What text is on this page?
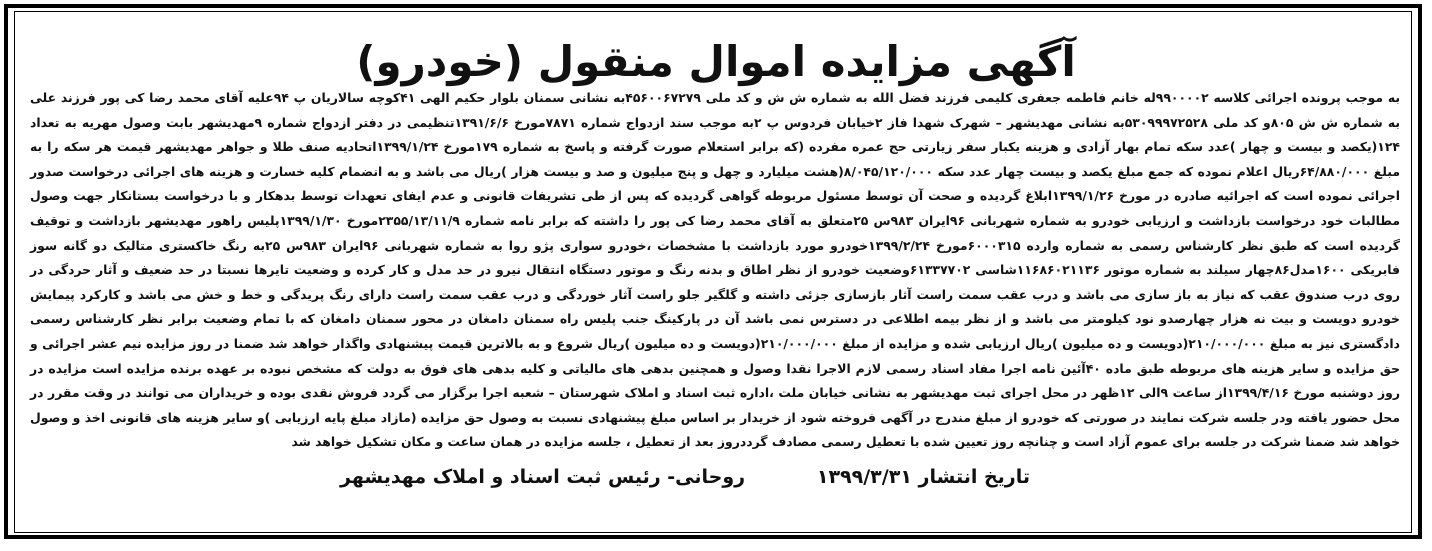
آگهی مزایده اموال منقول (خودرو)
به موجب پرونده اجرائی کلاسه ۹۹۰۰۰۰۲له خانم فاطمه جعفری کلیمی فرزند فضل الله به شماره ش ش و کد ملی ۴۵۶۰۰۶۷۲۷۹به نشانی سمنان بلوار حکیم الهی ۴۱کوچه سالاریان پ ۹۴علیه آقای محمد رضا کی پور فرزند علی به شماره ش ش ۸۰۵و کد ملی ۵۳۰۹۹۹۷۲۵۲۸به نشانی مهدیشهر – شهرک شهدا فاز ۲خیابان فردوس پ ۲به موجب سند ازدواج شماره ۷۸۷۱مورخ ۱۳۹۱/۶/۶تنظیمی در دفتر ازدواج شماره ۹مهدیشهر بابت وصول مهریه به تعداد ۱۲۴(یکصد و بیست و چهار )عدد سکه تمام بهار آزادی و هزینه یکبار سفر زیارتی حج عمره مفرده (که برابر استعلام صورت گرفته و پاسخ به شماره ۱۷۹مورخ ۱۳۹۹/۱/۲۴اتحادیه صنف طلا و جواهر مهدیشهر قیمت هر سکه را به مبلغ ۶۴/۸۸۰/۰۰۰ریال اعلام نموده که جمع مبلغ یکصد و بیست چهار عدد سکه ۸/۰۴۵/۱۲۰/۰۰۰(هشت میلیارد و چهل و پنج میلیون و صد و بیست هزار )ریال می باشد و به انضمام کلیه خسارت و هزینه های اجرائی درخواست صدور اجرائی نموده است که اجرائیه صادره در مورخ ۱۳۹۹/۱/۲۶ابلاغ گردیده و صحت آن توسط مسئول مربوطه گواهی گردیده که پس از طی تشریفات قانونی و عدم ایفای تعهدات توسط بدهکار و با درخواست بستانکار جهت وصول مطالبات خود درخواست بازداشت و ارزیابی خودرو به شماره شهربانی ۹۶ایران ۹۸۳س ۲۵متعلق به آقای محمد رضا کی پور را داشته که برابر نامه شماره ۲۳۵۵/۱۳/۱۱/۹مورخ ۱۳۹۹/۱/۳۰پلیس راهور مهدیشهر بازداشت و توقیف گردیده است که طبق نظر کارشناس رسمی به شماره وارده ۶۰۰۰۳۱۵مورخ ۱۳۹۹/۲/۲۴خودرو مورد بازداشت با مشخصات ،خودرو سواری پژو روا به شماره شهربانی ۹۶ایران ۹۸۳س ۲۵به رنگ خاکستری متالیک دو گانه سوز فابریکی ۱۶۰۰مدل۸۶چهار سیلند به شماره موتور ۱۱۶۸۶۰۲۱۱۳۶شاسی ۶۱۳۳۷۷۰۲وضعیت خودرو از نظر اطاق و بدنه رنگ و موتور دستگاه انتقال نیرو در حد مدل و کار کرده و وضعیت تایرها نسبتا در حد ضعیف و آثار حردگی در روی درب صندوق عقب که نیاز به باز سازی می باشد و درب عقب سمت راست آثار بازسازی جزئی داشته و گلگیر جلو راست آثار خوردگی و درب عقب سمت راست دارای رنگ پریدگی و خط و خش می باشد و کارکرد پیمایش خودرو دویست و بیت نه هزار چهارصدو نود کیلومتر می باشد و از نظر بیمه اطلاعی در دسترس نمی باشد آن در پارکینگ جنب پلیس راه سمنان دامغان در محور سمنان دامغان که با تمام وضعیت برابر نظر کارشناس رسمی دادگستری نیز به مبلغ ۲۱۰/۰۰۰/۰۰۰(دویست و ده میلیون )ریال ارزیابی شده و مزایده از مبلغ ۲۱۰/۰۰۰/۰۰۰(دویست و ده میلیون )ریال شروع و به بالاترین قیمت پیشنهادی واگذار خواهد شد ضمنا در روز مزایده نیم عشر اجرائی و حق مزایده و سایر هزینه های مربوطه طبق ماده ۴۰آئین نامه اجرا مفاد اسناد رسمی لازم الاجرا نقدا وصول و همچنین بدهی های مالیاتی و کلیه بدهی های فوق به دولت که مشخص نبوده بر عهده برنده مزایده است مزایده در روز دوشنبه مورخ ۱۳۹۹/۴/۱۶از ساعت ۹الی ۱۲ظهر در محل اجرای ثبت مهدیشهر به نشانی خیابان ملت ،اداره ثبت اسناد و املاک شهرستان – شعبه اجرا برگزار می گردد فروش نقدی بوده و خریداران می توانند در وقت مقرر در محل حضور یافته ودر جلسه شرکت نمایند در صورتی که خودرو از مبلغ مندرج در آگهی فروخته شود از خریدار بر اساس مبلغ پیشنهادی نسبت به وصول حق مزایده (مازاد مبلغ پایه ارزیابی )و سایر هزینه های قانونی اخذ و وصول خواهد شد ضمنا شرکت در جلسه برای عموم آزاد است و چنانچه روز تعیین شده با تعطیل رسمی مصادف گرددروز بعد از تعطیل ، جلسه مزایده در همان ساعت و مکان تشکیل خواهد شد
تاریخ انتشار ۱۳۹۹/۳/۳۱
روحانی- رئیس ثبت اسناد و املاک مهدیشهر
